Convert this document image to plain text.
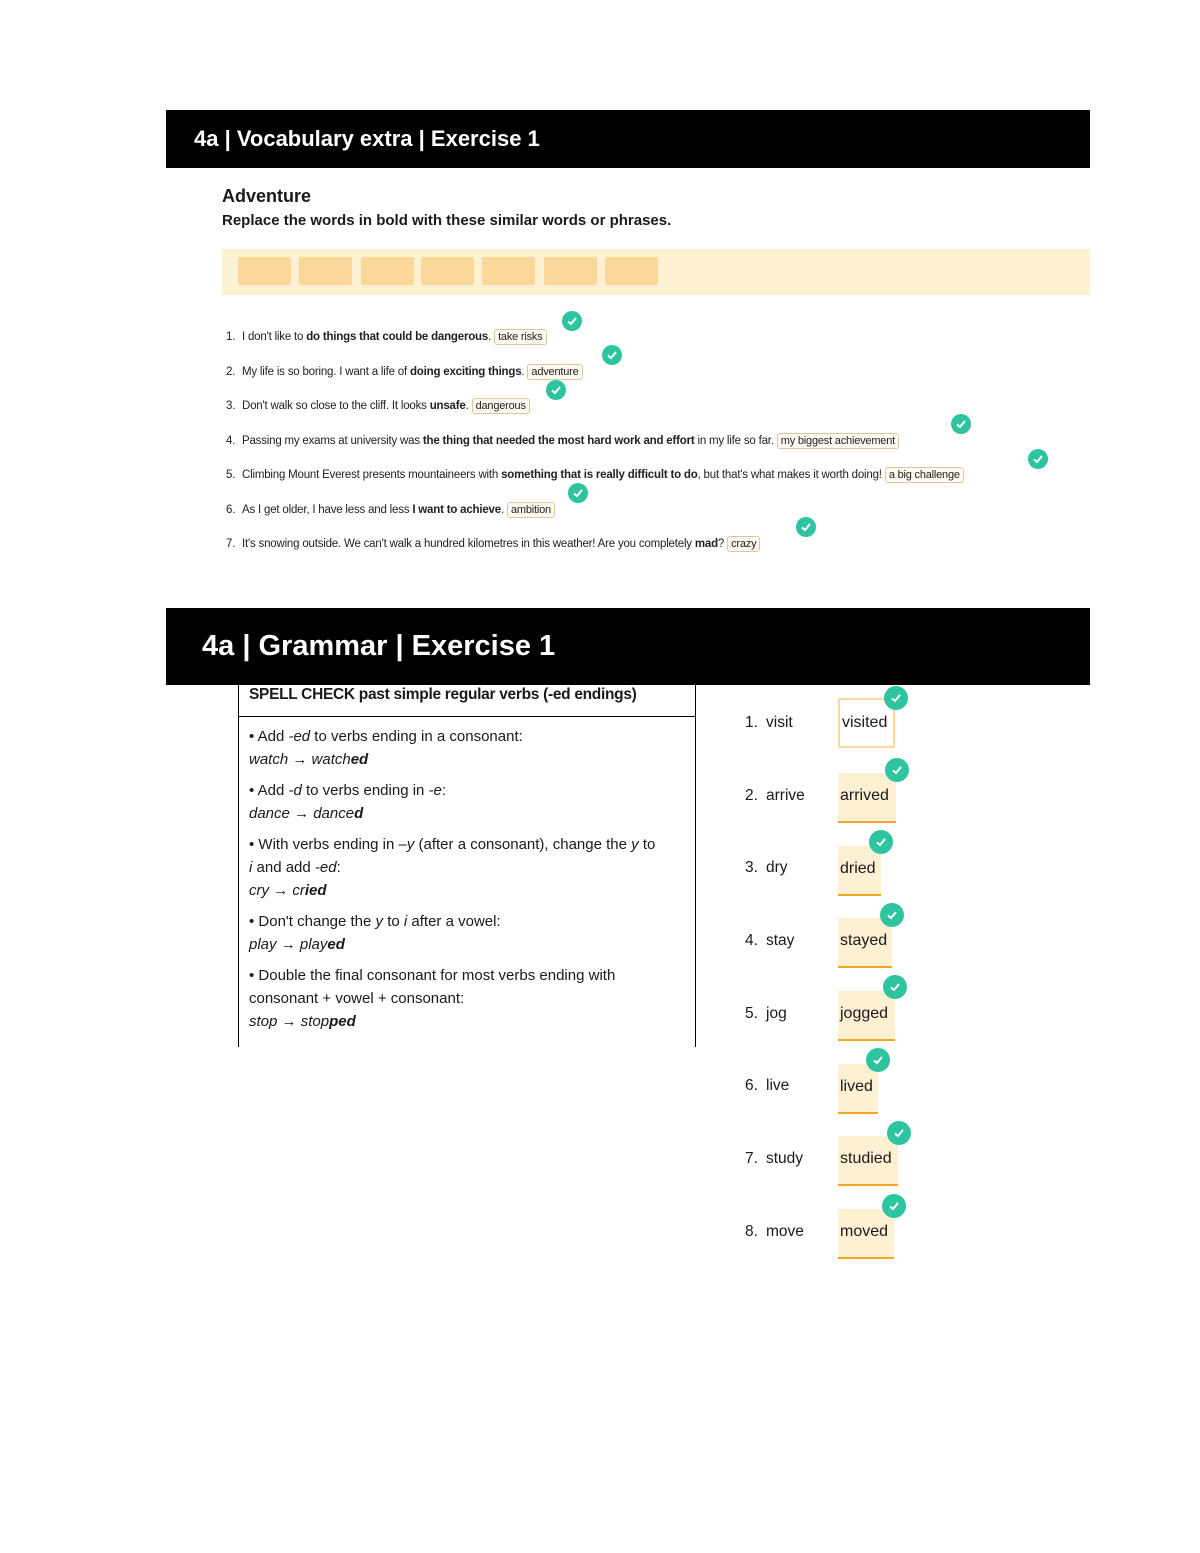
4a | Vocabulary extra | Exercise 1
Adventure
Replace the words in bold with these similar words or phrases.
1. I don't like to do things that could be dangerous. take risks
2. My life is so boring. I want a life of doing exciting things. adventure
3. Don't walk so close to the cliff. It looks unsafe. dangerous
4. Passing my exams at university was the thing that needed the most hard work and effort in my life so far. my biggest achievement
5. Climbing Mount Everest presents mountaineers with something that is really difficult to do, but that's what makes it worth doing! a big challenge
6. As I get older, I have less and less I want to achieve. ambition
7. It's snowing outside. We can't walk a hundred kilometres in this weather! Are you completely mad? crazy
4a | Grammar | Exercise 1
SPELL CHECK past simple regular verbs (-ed endings)
• Add -ed to verbs ending in a consonant:
watch → watched
• Add -d to verbs ending in -e:
dance → danced
• With verbs ending in –y (after a consonant), change the y to
i and add -ed:
cry → cried
• Don't change the y to i after a vowel:
play → played
• Double the final consonant for most verbs ending with
consonant + vowel + consonant:
stop → stopped
1. visit	visited
2. arrive arrived
3. dry	dried
4. stay	stayed
5. jog	jogged
6. live	lived
7. study studied
8. move moved
